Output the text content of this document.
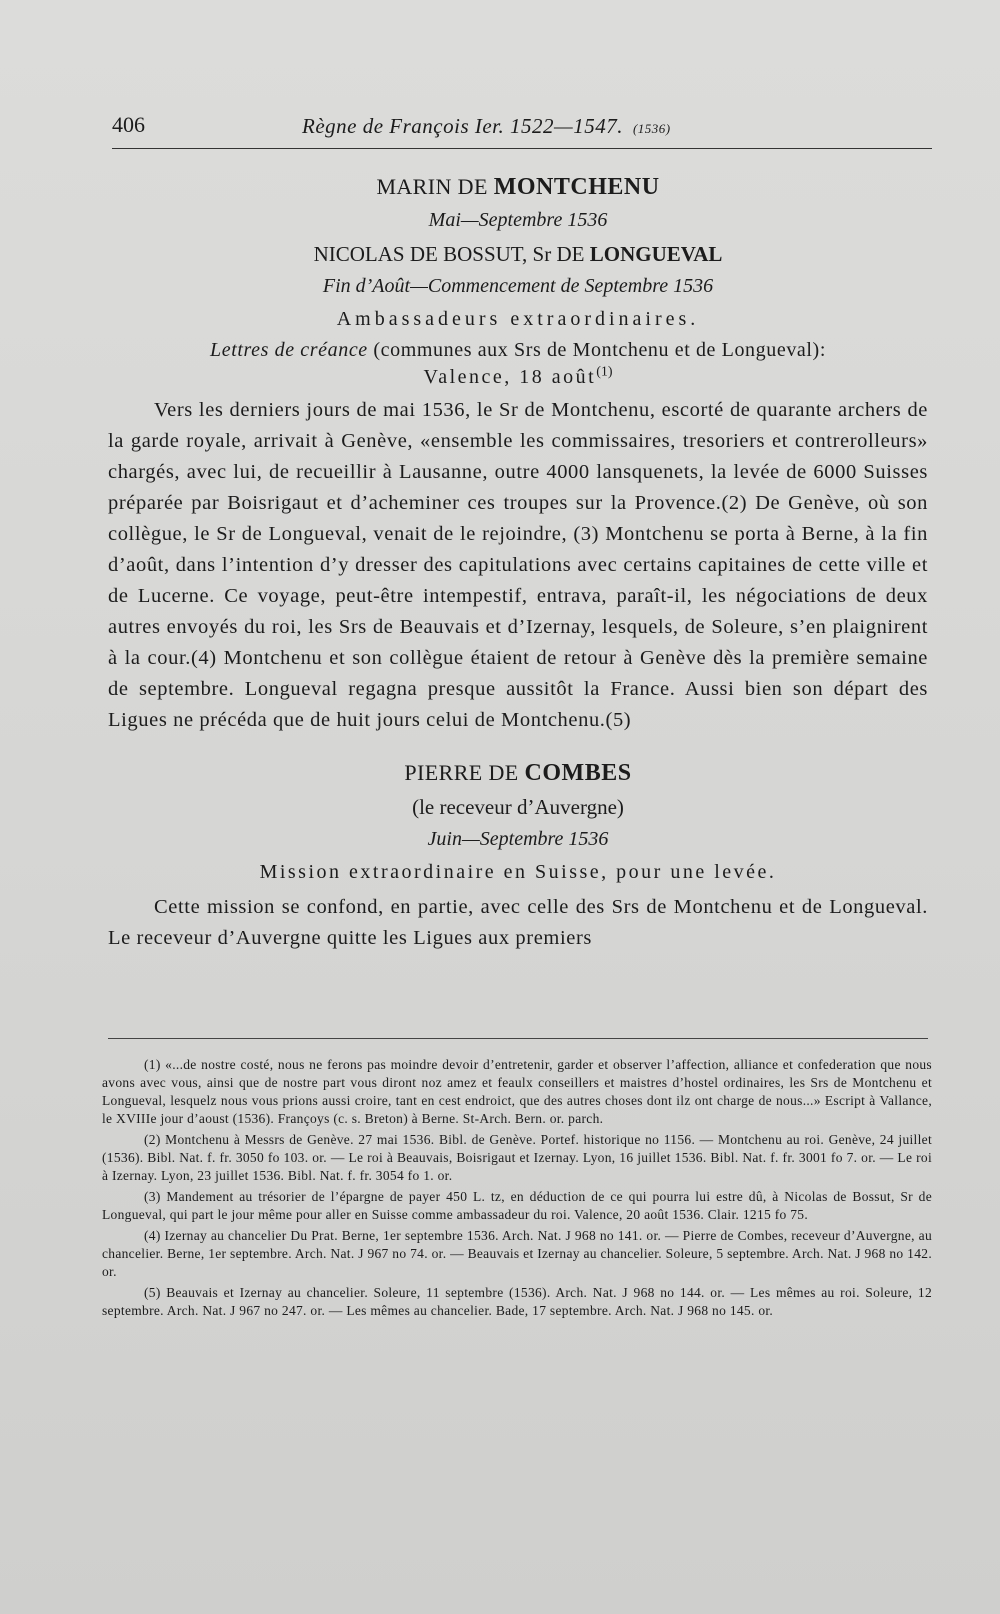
406	Règne de François Ier. 1522—1547. (1536)
MARIN DE MONTCHENU
Mai—Septembre 1536
NICOLAS DE BOSSUT, Sr DE LONGUEVAL
Fin d’Août—Commencement de Septembre 1536
Ambassadeurs extraordinaires.
Lettres de créance (communes aux Srs de Montchenu et de Longueval):
Valence, 18 août$^{(1)}$

Vers les derniers jours de mai 1536, le Sr de Montchenu, escorté de quarante archers de la garde royale, arrivait à Genève, «ensemble les commissaires, tresoriers et contrerolleurs» chargés, avec lui, de recueillir à Lausanne, outre 4000 lansquenets, la levée de 6000 Suisses préparée par Boisrigaut et d’acheminer ces troupes sur la Provence.(2) De Genève, où son collègue, le Sr de Longueval, venait de le rejoindre, (3) Montchenu se porta à Berne, à la fin d’août, dans l’intention d’y dresser des capitulations avec certains capitaines de cette ville et de Lucerne. Ce voyage, peut-être intempestif, entrava, paraît-il, les négociations de deux autres envoyés du roi, les Srs de Beauvais et d’Izernay, lesquels, de Soleure, s’en plaignirent à la cour.(4) Montchenu et son collègue étaient de retour à Genève dès la première semaine de septembre. Longueval regagna presque aussitôt la France. Aussi bien son départ des Ligues ne précéda que de huit jours celui de Montchenu.(5)

PIERRE DE COMBES
(le receveur d’Auvergne)
Juin—Septembre 1536
Mission extraordinaire en Suisse, pour une levée.

Cette mission se confond, en partie, avec celle des Srs de Montchenu et de Longueval. Le receveur d’Auvergne quitte les Ligues aux premiers

(1) «...de nostre costé, nous ne ferons pas moindre devoir d’entretenir, garder et observer l’affection, alliance et confederation que nous avons avec vous, ainsi que de nostre part vous diront noz amez et feaulx conseillers et maistres d’hostel ordinaires, les Srs de Montchenu et Longueval, lesquelz nous vous prions aussi croire, tant en cest endroict, que des autres choses dont ilz ont charge de nous...» Escript à Vallance, le XVIIIe jour d’aoust (1536). Françoys (c. s. Breton) à Berne. St-Arch. Bern. or. parch.

(2) Montchenu à Messrs de Genève. 27 mai 1536. Bibl. de Genève. Portef. historique no 1156. — Montchenu au roi. Genève, 24 juillet (1536). Bibl. Nat. f. fr. 3050 fo 103. or. — Le roi à Beauvais, Boisrigaut et Izernay. Lyon, 16 juillet 1536. Bibl. Nat. f. fr. 3001 fo 7. or. — Le roi à Izernay. Lyon, 23 juillet 1536. Bibl. Nat. f. fr. 3054 fo 1. or.

(3) Mandement au trésorier de l’épargne de payer 450 L. tz, en déduction de ce qui pourra lui estre dû, à Nicolas de Bossut, Sr de Longueval, qui part le jour même pour aller en Suisse comme ambassadeur du roi. Valence, 20 août 1536. Clair. 1215 fo 75.

(4) Izernay au chancelier Du Prat. Berne, 1er septembre 1536. Arch. Nat. J 968 no 141. or. — Pierre de Combes, receveur d’Auvergne, au chancelier. Berne, 1er septembre. Arch. Nat. J 967 no 74. or. — Beauvais et Izernay au chancelier. Soleure, 5 septembre. Arch. Nat. J 968 no 142. or.

(5) Beauvais et Izernay au chancelier. Soleure, 11 septembre (1536). Arch. Nat. J 968 no 144. or. — Les mêmes au roi. Soleure, 12 septembre. Arch. Nat. J 967 no 247. or. — Les mêmes au chancelier. Bade, 17 septembre. Arch. Nat. J 968 no 145. or.
